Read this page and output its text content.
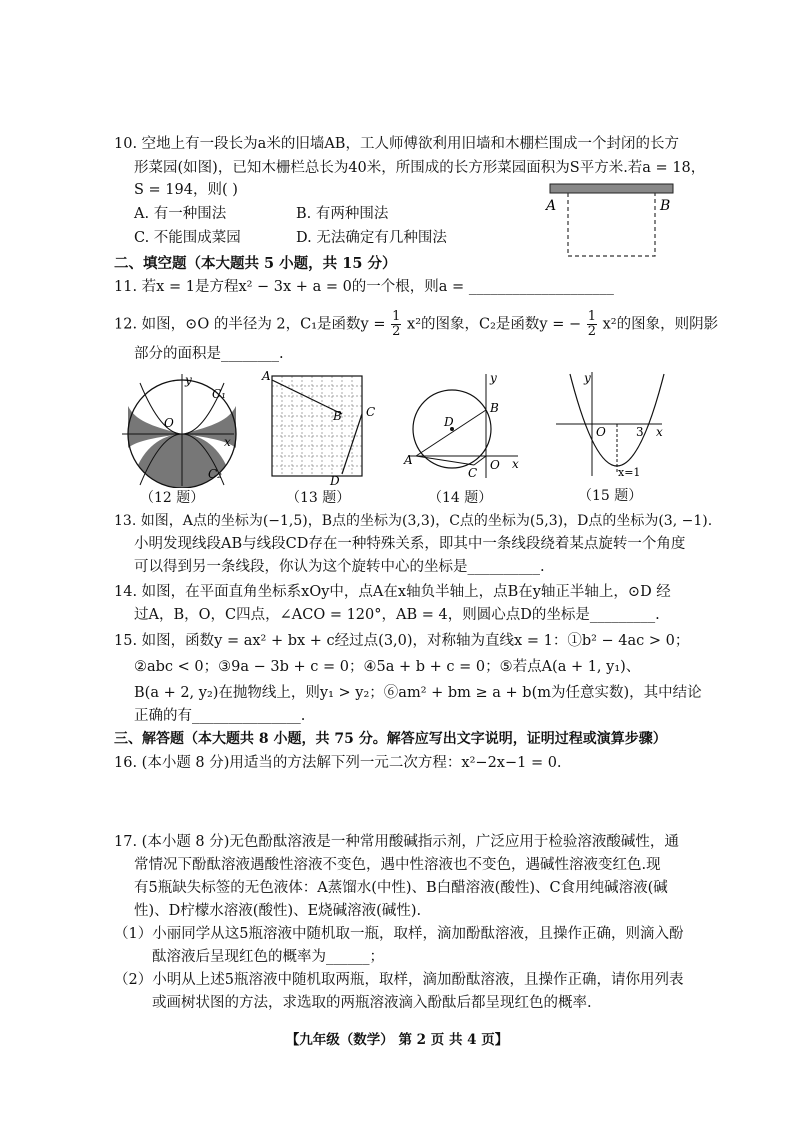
10. 空地上有一段长为a米的旧墙AB，工人师傅欲利用旧墙和木棚栏围成一个封闭的长方
形菜园(如图)，已知木栅栏总长为40米，所围成的长方形菜园面积为S平方米.若a = 18，
S = 194，则( )
A. 有一种围法	B. 有两种围法
C. 不能围成菜园	D. 无法确定有几种围法
A	B
二、填空题（本大题共 5 小题，共 15 分）
11. 若x = 1是方程x² − 3x + a = 0的一个根，则a = ____________________
12. 如图，⊙O 的半径为 2，C₁是函数$y = \frac{1}{2} x^2$的图象，C₂是函数y = − $\frac{1}{2} x^2$的图象，则阴影
部分的面积是________.
y
x
O
C₁
C₂
（12 题）
A
B C
D
（13 题）
y
x
O
A
B
C
D
（14 题）
y
x
O	3
x=1
（15 题）
13. 如图，A点的坐标为(−1,5)，B点的坐标为(3,3)，C点的坐标为(5,3)，D点的坐标为(3, −1).
小明发现线段AB与线段CD存在一种特殊关系，即其中一条线段绕着某点旋转一个角度
可以得到另一条线段，你认为这个旋转中心的坐标是__________.
14. 如图，在平面直角坐标系xOy中，点A在x轴负半轴上，点B在y轴正半轴上，⊙D 经
过A，B，O，C四点，∠ACO = 120°，AB = 4，则圆心点D的坐标是_________.
15. 如图，函数y = ax² + bx + c经过点(3,0)，对称轴为直线x = 1：①b² − 4ac > 0；
②abc < 0；③9a − 3b + c = 0；④5a + b + c = 0；⑤若点A(a + 1, y₁)、
B(a + 2, y₂)在抛物线上，则y₁ > y₂；⑥am² + bm ≥ a + b(m为任意实数)，其中结论
正确的有_______________.
三、解答题（本大题共 8 小题，共 75 分。解答应写出文字说明，证明过程或演算步骤）
16. (本小题 8 分)用适当的方法解下列一元二次方程：x²−2x−1 = 0.
17. (本小题 8 分)无色酚酞溶液是一种常用酸碱指示剂，广泛应用于检验溶液酸碱性，通
常情况下酚酞溶液遇酸性溶液不变色，遇中性溶液也不变色，遇碱性溶液变红色.现
有5瓶缺失标签的无色液体：A蒸馏水(中性)、B白醋溶液(酸性)、C食用纯碱溶液(碱
性)、D柠檬水溶液(酸性)、E烧碱溶液(碱性).
（1）小丽同学从这5瓶溶液中随机取一瓶，取样，滴加酚酞溶液，且操作正确，则滴入酚
酞溶液后呈现红色的概率为______；
（2）小明从上述5瓶溶液中随机取两瓶，取样，滴加酚酞溶液，且操作正确，请你用列表
或画树状图的方法，求选取的两瓶溶液滴入酚酞后都呈现红色的概率.
【九年级（数学） 第 2 页 共 4 页】
